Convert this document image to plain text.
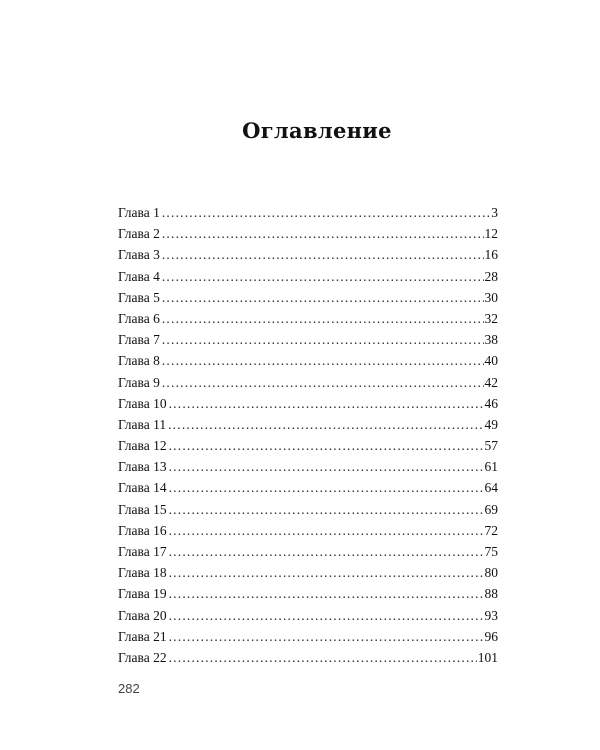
Оглавление
Глава 1 .....	3
Глава 2 .....	12
Глава 3 .....	16
Глава 4 .....	28
Глава 5 .....	30
Глава 6 .....	32
Глава 7 .....	38
Глава 8 .....	40
Глава 9 .....	42
Глава 10 .....	46
Глава 11 .....	49
Глава 12 .....	57
Глава 13 .....	61
Глава 14 .....	64
Глава 15 .....	69
Глава 16 .....	72
Глава 17 .....	75
Глава 18 .....	80
Глава 19 .....	88
Глава 20 .....	93
Глава 21 .....	96
Глава 22 .....	101
282
